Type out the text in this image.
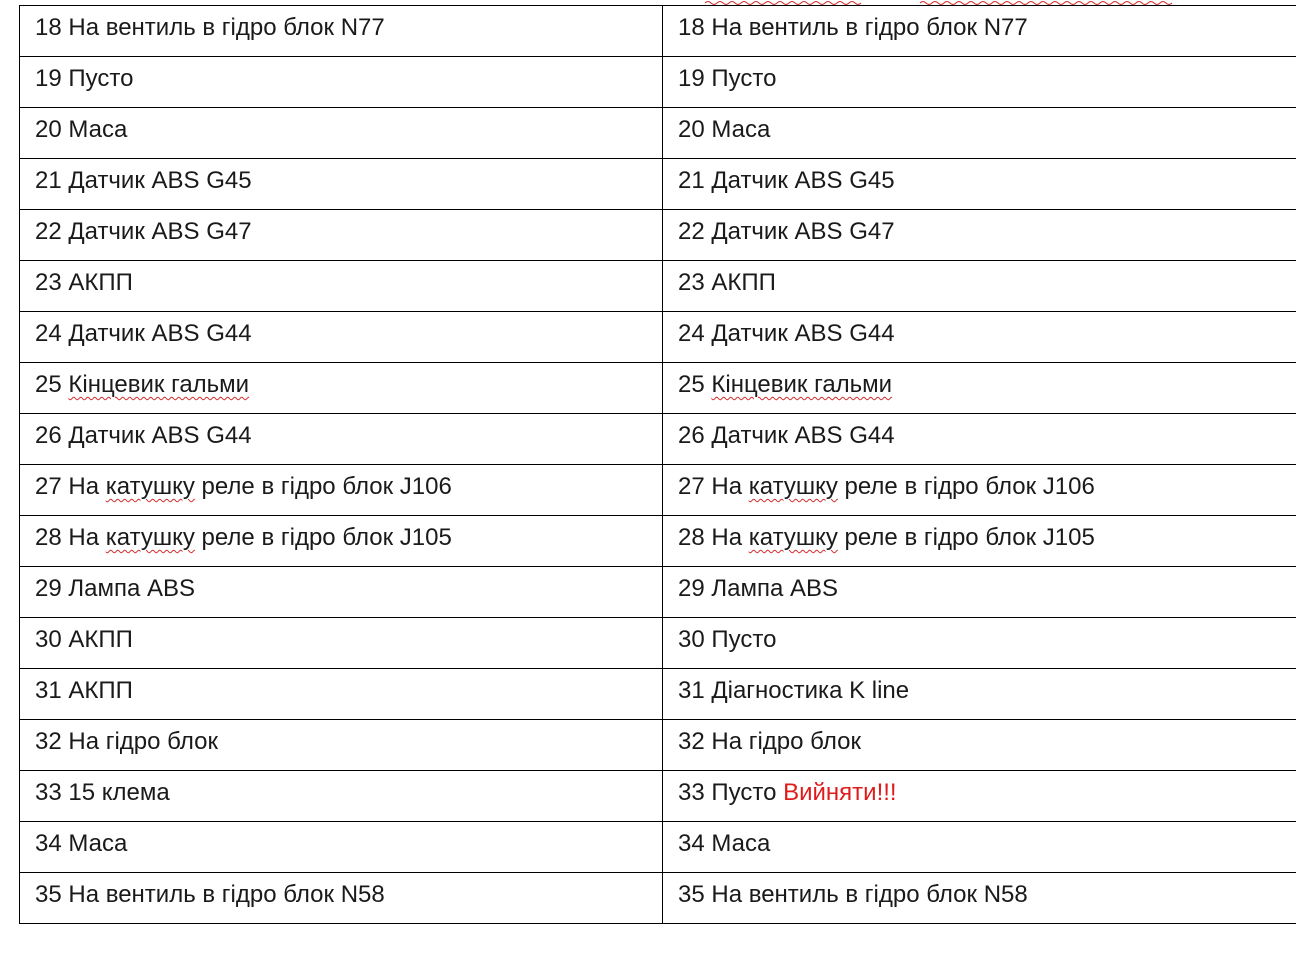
18 На вентиль в гідро блок N77	18 На вентиль в гідро блок N77
19 Пусто	19 Пусто
20 Маса	20 Маса
21 Датчик ABS G45	21 Датчик ABS G45
22 Датчик ABS G47	22 Датчик ABS G47
23 АКПП	23 АКПП
24 Датчик ABS G44	24 Датчик ABS G44
25 Кінцевик гальми	25 Кінцевик гальми
26 Датчик ABS G44	26 Датчик ABS G44
27 На катушку реле в гідро блок J106	27 На катушку реле в гідро блок J106
28 На катушку реле в гідро блок J105	28 На катушку реле в гідро блок J105
29 Лампа ABS	29 Лампа ABS
30 АКПП	30 Пусто
31 АКПП	31 Діагностика K line
32 На гідро блок	32 На гідро блок
33 15 клема	33 Пусто Вийняти!!!
34 Маса	34 Маса
35 На вентиль в гідро блок N58	35 На вентиль в гідро блок N58
